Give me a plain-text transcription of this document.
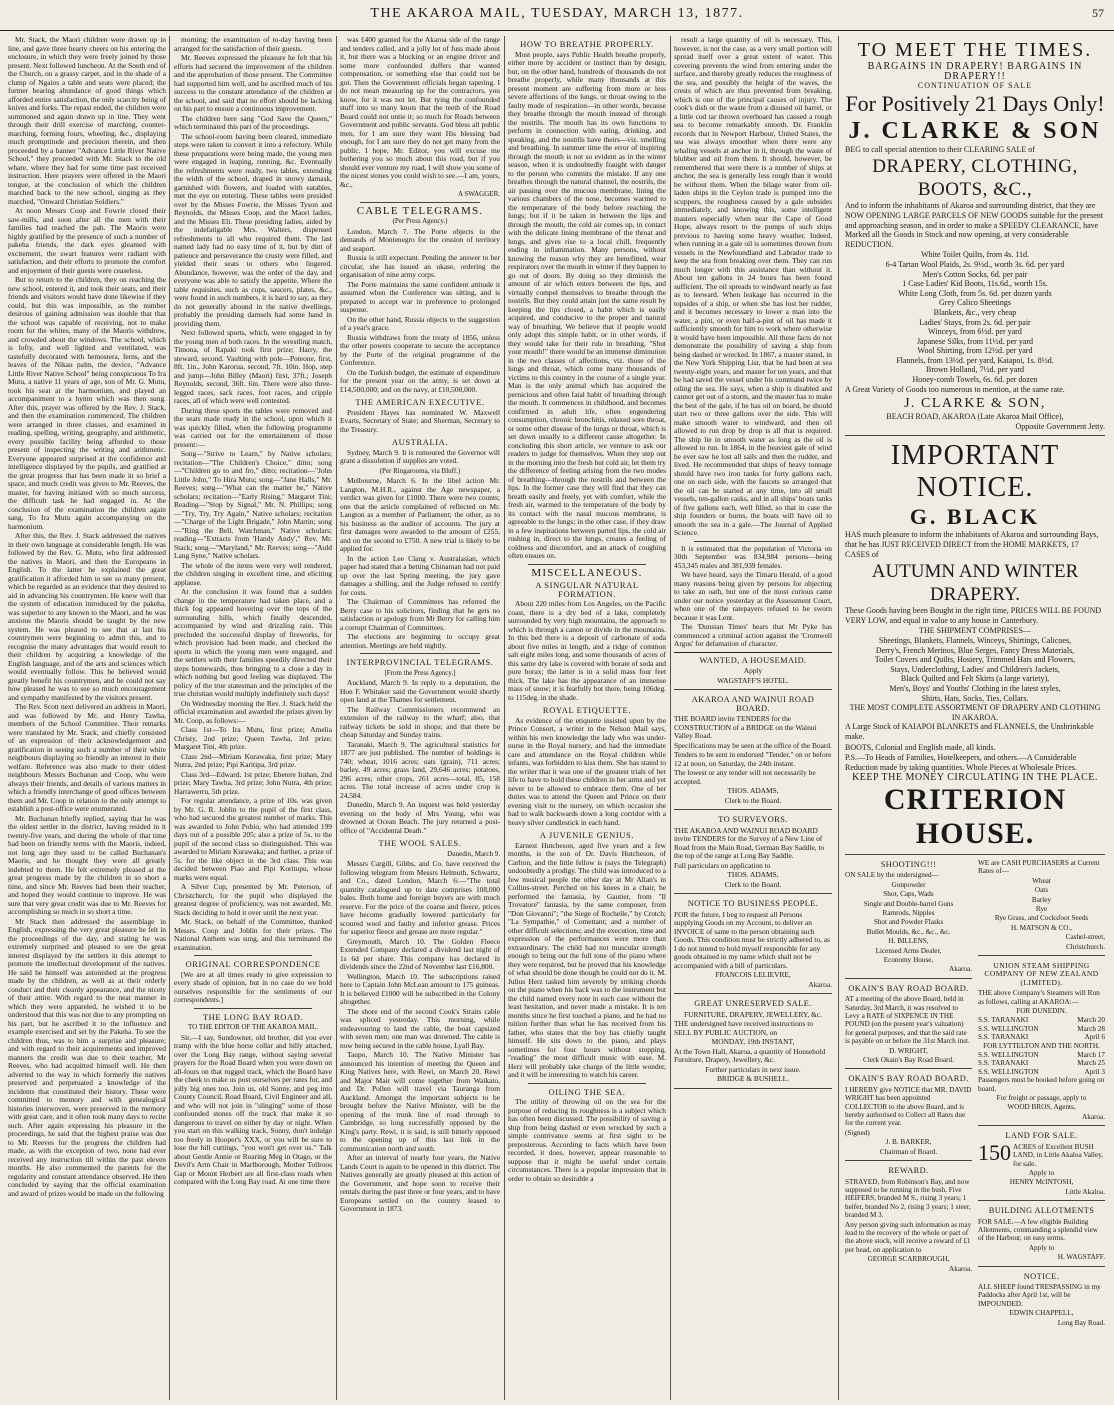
THE AKAROA MAIL, TUESDAY, MARCH 13, 1877.	57

Mr. Stack, the Maori children were drawn up in line, and gave three hearty cheers on his entering the enclosure, in which they were freely joined by those present. Next followed luncheon. At the South end of the Church, on a grassy carpet, and in the shade of a clump of Ngaios a table and seats were placed; the former bearing abundance of good things which afforded entire satisfaction, the only scarcity being of knives and forks. The repast ended, the children were summoned and again drawn up in line. They went through their drill exercise of marching, counter-marching, forming fours, wheeling, &c., displaying much promptitude and precision therein, and then proceeded by a banner "Advance Little River Native School," they proceeded with Mr. Stack to the old whare, where they had for some time past received instruction. Here prayers were offered in the Maori tongue, at the conclusion of which the children marched back to the new school, singing as they marched, "Onward Christian Soldiers."

At noon Messrs Coop and Fowrie closed their saw-mills, and soon after all the men with their families had reached the pah. The Maoris were highly gratified by the presence of such a number of pakeha friends, the dark eyes gleamed with excitement, the swart features were radiant with satisfaction, and their efforts to promote the comfort and enjoyment of their guests were ceaseless.

But to return to the children, they on reaching the new school, entered it, and took their seats, and their friends and visitors would have done likewise if they could, but this was impossible, as the number desirous of gaining admission was double that that the school was capable of receiving, not to make room for the whites, many of the Maoris withdrew, and crowded about the windows. The school, which is lofty, and well lighted and ventilated, was tastefully decorated with hemostera, ferns, and the leaves of the Nikau palm, the device, "Advance Little River Native School" being conspicuous To Ira Mutu, a native 11 years of age, son of Mr. G. Mutu, took his seat at the harmonium, and played an accompaniment to a hymn which was then sung. After this, prayer was offered by the Rev. J. Stack, and then the examination commenced. The children were arranged in three classes, and examined in reading, spelling, writing, geography, and arithmetic, every possible facility being afforded to those present of inspecting the writing and arithmetic. Everyone appeared surprised at the confidence and intelligence displayed by the pupils, and gratified at the great progress that has been made in so brief a space, and much credit was given to Mr. Reeves, the master, for having initiated with so much success, the difficult task he had engaged in. At the conclusion of the examination the children again sang, To Ira Mutu again accompanying on the harmonium.

After this, the Rev. J. Stack addressed the natives in their own language at considerable length. He was followed by the Rev. G. Mutu, who first addressed the natives in Maori, and then the Europeans in English. To the latter he explained the great gratification it afforded him to see so many present, which he regarded as an evidence that they desired to aid in advancing his countrymen. He knew well that the system of education introduced by the pakeha, was superior to any known to the Maori, and he was anxious the Maoris should be taught by the new system. He was pleased to see that at last his countrymen were beginning to admit this, and to recognise the many advantages that would result to their children by acquiring a knowledge of the English language, and of the arts and sciences which would eventually follow. This he believed would greatly benefit his countrymen, and he could not say how pleased he was to see so much encouragement and sympathy manifested by the visitors present.

The Rev. Scott next delivered an address in Maori, and was followed by Mr. and Henry Tawha, members of the School Committee. Their remarks were translated by Mr. Stack, and chiefly consisted of an expression of their acknowledgement and gratification in seeing such a number of their white neighbours displaying so friendly an interest in their welfare. Reference was also made to their oldest neighbours Messrs Buchanan and Coop, who were always their friends, and details of various matters in which a friendly interchange of good offices between them and Mr. Coop in relation to the only attempt to establish a post-office were enumerated.

Mr. Buchanan briefly replied, saying that he was the oldest settler in the district, having resided in it twenty-five years, and during the whole of that time had been on friendly terms with the Maoris, indeed, not long ago they used to be called Buchanan's Maoris, and he thought they were all greatly indebted to them. He felt extremely pleased at the great progress made by the children in so short a time, and since Mr. Reeves had been their teacher, and hoped they would continue to improve. He was sure that very great credit was due to Mr. Reeves for accomplishing so much in so short a time.

Mr Stack then addressed the assemblage in English, expressing the very great pleasure he felt in the proceedings of the day, and stating he was extremely surprised and pleased to see the great interest displayed by the settlers in this attempt to promote the intellectual development of the natives. He said he himself was astonished at the progress made by the children, as well as at their orderly conduct and their cleanly appearance, and the nicety of their attire. With regard to the neat manner in which they were appareled, he wished it to be understood that this was not due to any prompting on his part, but he ascribed it to the influence and example exercised and set by the Pakeha. To see the children thus, was to him a surprise and pleasure; and with regard to their acquirements and improved manners the credit was due to their teacher, Mr Reeves, who had acquitted himself well. He then adverted to the way in which formerly the natives preserved and perpetuated a knowledge of the incidents that constituted their history. These were committed to memory and with genealogical histories interwoven, were preserved in the memory with great care, and it often took many days to recite such. After again expressing his pleasure in the proceedings, he said that the highest praise was due to Mr. Reeves for the progress the children had made, as with the exception of two, none had ever received any instruction till within the past eleven months. He also commented the parents for the regularity and constant attendance observed. He then concluded by saying that the official examination and award of prizes would be made on the following

morning; the examination of to-day having been arranged for the satisfaction of their guests.

Mr. Reeves expressed the pleasure he felt that his efforts had secured the improvement of the children and the approbation of those present. The Committee had supported him well, and he ascribed much of his success to the constant attendance of the children at the school, and said that no effort should be lacking on his part to ensure a continuous improvement.

The children here sang "God Save the Queen," which terminated this part of the proceedings.

The school-room having been cleared, immediate steps were taken to convert it into a refectory. While these preparations were being made, the young men were engaged in leaping, running, &c. Eventually the refreshments were ready, two tables, extending the width of the school, draped in snowy damask, garnished with flowers, and loaded with eatables, met the eye on entering. These tables were presided over by the Misses Fowrie, the Misses Tyson and Reynolds, the Misses Coop, and the Maori ladies, and the Misses Eli. These presiding ladies, aided by the indefatigable Mrs. Walters, dispensed refreshments to all who required them. The last named lady had no easy time of it, but by dint of patience and perseverance the crusty were filled, and yielded their seats to others who lingered. Abundance, however, was the order of the day, and everyone was able to satisfy the appetite. Where the table requisites, such as cups, saucers, plates, &c., were found in such numbers, it is hard to say, as they do not generally abound in the native dwellings, probably the presiding damsels had some hand in providing them.

Next followed sports, which, were engaged in by the young men of both races. In the wrestling match, Timona, of Rapaki took first prize; Harry, the steward, second. Vaulting with pole—Poteone, first, 8ft. 1in., John Karorua, second, 7ft. 10in. Hop, step and jump—John Billey (Maori) first, 37ft.; Joseph Reynolds, second, 36ft. 6in. There were also three-legged races, sack races, foot races, and cripple races, all of which were well contested.

During these sports the tables were removed and the seats made ready in the school, upon which it was quickly filled, when the following programme was carried out for the entertainment of those present:—

Song—"Strive to Learn," by Native scholars; recitation—"The Children's Choice," ditto; song—"Children go to and fro," ditto; recitation—"John Little John," To Hira Mutu; song—"Jane Halls," Mr. Reeves; song—"What can the matter be," Native scholars; recitation—"Early Rising," Margaret Tini; Reading—"Stop by Signal," Mr. N. Phillips; song—"Try, Try, Try Again," Native scholars; recitation—"Charge of the Light Brigade," John Martin; song—"Ring the Bell, Watchman," Native scholars; reading—"Extracts from 'Handy Andy'," Rev. Mr. Stack; song—"Maryland," Mr. Reeves; song—"Auld Lang Syne," Native scholars.

The whole of the items were very well rendered, the children singing in excellent time, and eliciting applause.

At the conclusion it was found that a sudden change in the temperature had taken place, and a thick fog appeared hovering over the tops of the surrounding hills, which finally descended, accompanied by wind and drizzling rain. This precluded the successful display of fireworks, for which provision had been made, and checked the sports in which the young men were engaged, and the settlers with their families speedily directed their steps homewards, thus bringing to a close a day in which nothing but good feeling was displayed. The policy of the true statesman and the principles of the true christian would multiply indefinitely such days!

On Wednesday morning the Rev. J. Stack held the official examination and awarded the prizes given by Mr. Coop, as follows:—

Class 1st—To Ira Mutu, first prize; Amelia Christy, 2nd prize; Queen Tawha, 3rd prize; Margaret Tini, 4th prize.

Class 2nd—Miriam Kurawaka, first prize; Mary Nutra, 2nd prize; Pipi Karitipa, 3rd prize.

Class 3rd—Edward, 1st prize; Ebetere Irahan, 2nd prize; Mary Tawha, 3rd prize; John Nutra, 4th prize; Harrawerru, 5th prize.

For regular attendance, a prize of 10s. was given by Mr. G. R. Joblin to the pupil of the first class, who had secured the greatest number of marks. This was awarded to John Pobio, who had attended 199 days out of a possible 205; also a prize of 5s. to the pupil of the second class so distinguished. This was awarded to Miriam Kurawaka; and further, a prize of 5s. for the like object in the 3rd class. This was decided between Piao and Pipi Koritupu, whose marks were equal.

A Silver Cup, presented by Mr. Peterson, of Christchurch, for the pupil who displayed the greatest degree of proficiency, was not awarded, Mr. Stack deciding to hold it over until the next year.

Mr. Stack, on behalf of the Committee, thanked Messrs. Coop and Joblin for their prizes. The National Anthem was sung, and this terminated the examination.

ORIGINAL CORRESPONDENCE

[We are at all times ready to give expression to every shade of opinion, but in no case do we hold ourselves responsible for the sentiments of our correspondents.]

THE LONG BAY ROAD.
TO THE EDITOR OF THE AKAROA MAIL.

Sir,—I say, Sundowner, old brother, did you ever tramp with the blue horse collar and billy attached, over the Long Bay range, without saying several prayers for the Road Board when you were down on all-fours on that rugged track, which the Board have the cheek to make us post ourselves per rates for, and jolly big ones too. Join us, old Sonny, and peg into County Council, Road Board, Civil Engineer and all, and who will not join in "slinging" some of those confounded stones off the track that make it so dangerous to travel on either by day or night. When you start on this walking track, Sonny, don't indulge too freely in Hooper's XXX, or you will be sure to lose the hill cuttings, "you won't get over us." Talk about Gentle Annie or Roaring Meg in Otago, or the Devil's Arm Chair in Marlborough, Mother Tollroos Gap or Mount Herbert are all first-class roads when compared with the Long Bay road. At one time there

was £400 granted for the Akaroa side of the range and tenders called, and a jolly lot of fuss made about it, but there was a blocking or an engine driver and some more confounded duffers that wanted compensation, or something else that could not be got. Then the Government officials began tapering. I do not mean measuring up for the contractors, you know, for it was not let. But tying the confounded stuff into so many knots that the teeth of the Road Board could not untie it; so much for Roads between Government and public servants. God bless all public men, for I am sure they want His blessing bad enough, for I am sure they do not get many from the public. I hope, Mr. Editor, you will excuse me bothering you so much about this road, but if you should ever venture my road, I will show you some of the nicest stones you could wish to see.—I am, yours, &c.,

A SWAGGER.
CABLE TELEGRAMS.
(Per Press Agency.)

London, March 7. The Porte objects to the demands of Montenegro for the cession of territory and seaport.

Russia is still expectant. Pending the answer to her circular, she has issued an ukase, ordering the organisation of nine army corps.

The Porte maintains the same confident attitude it assumed when the Conference was sitting, and is prepared to accept war in preference to prolonged suspense.

On the other hand, Russia objects to the suggestion of a year's grace.

Russia withdraws from the treaty of 1856, unless the other powers cooperate to secure the acceptance by the Porte of the original programme of the Conference.

On the Turkish budget, the estimate of expenditure for the present year on the army, is set down at £14,500,000; and on the navy, at £10,500,000.

THE AMERICAN EXECUTIVE.

President Hayes has nominated W. Maxwell Evarts, Secretary of State; and Sherman, Secretary to the Treasury.

AUSTRALIA.

Sydney, March 9. It is rumoured the Governor will grant a dissolution if supplies are voted.

(Per Ringarooma, via Bluff.)

Melbourne, March 6. In the libel action Mr. Langton, M.H.R., against the Age newspaper, a verdict was given for £1000. There were two counts; one that the article complained of reflected on Mr. Langton as a member of Parliament; the other, as to his business as the auditor of accounts. The jury at first damages were awarded to the amount of £255, and on the second to £750. A new trial is likely to be applied for.

In the action Lee Clang v. Australasian, which paper had stated that a betting Chinaman had not paid up over the last Spring meeting, the jury gave damages a shilling, and the Judge refused to certify for costs.

The Chairman of Committees has referred the Berry case to his solicitors, finding that he gets no satisfaction or apology from Mr Berry for calling him a corrupt Chairman of Committees.

The elections are beginning to occupy great attention. Meetings are held nightly.

INTERPROVINCIAL TELEGRAMS.
[From the Press Agency.]

Auckland, March 9. In reply to a deputation, the Hon F. Whitaker said the Government would shortly open land at the Thames for settlement.

The Railway Commissioners recommend an extension of the railway to the wharf; also, that railway tickets be sold in shops; and that there be cheap Saturday and Sunday trains.

Taranaki, March 9. The agricultural statistics for 1877 are just published. The number of holdings is 740; wheat, 1016 acres; oats (grain), 711 acres; barley, 49 acres; grass land, 29,646 acres; potatoes, 296 acres; other crops, 261 acres—total, 85, 158 acres. The total increase of acres under crop is 24,584.

Dunedin, March 9. An inquest was held yesterday evening on the body of Mrs Young, who was drowned at Ocean Beach. The jury returned a post-office of "Accidental Death."

THE WOOL SALES.
Dunedin, March 9.

Messrs Cargill, Gibbs, and Co. have received the following telegram from Messrs Helmuth, Schwartz, and Co., dated London, March 6:—"The total quantity catalogued up to date comprises 108,000 bales. Both home and foreign buyers are with much reserve. For the price of the coarse and fleece, prices have become gradually lowered particularly for scoured wool and faulty and inferior grease. Prices for superior fleece and grease are more regular."

Greymouth, March 10. The Golden Fleece Extended Company declared a dividend last night of 1s 6d per share. This company has declared in dividends since the 22nd of November last £16,800.

Wellington, March 10. The subscriptions raised here to Captain John McLean amount to 175 guineas. It is believed £1000 will be subscribed in the Colony altogether.

The shore end of the second Cook's Straits cable was spliced yesterday. This morning, while endeavouring to land the cable, the boat capsized with seven men; one man was drowned. The cable is now being secured in the cable house, Lyall Bay.

Taupo, March 10. The Native Minister has announced his intention of meeting the Queen and King Natives here, with Rewi, on March 20. Rewi and Major Mair will come together from Waikato, and Dr. Pollen will travel via Tauranga from Auckland. Amongst the important subjects to be brought before the Native Minister, will be the opening of the trunk line of road through to Cambridge, so long successfully opposed by the King's party. Rewi, it is said, is still bitterly opposed to the opening up of this last link in the communication north and south.

After an interval of nearly four years, the Native Lands Court is again to be opened in this district. The Natives generally are greatly pleased at this action of the Government, and hope soon to receive their rentals during the past three or four years, and to have Europeans settled on the country leased to Government in 1873.

HOW TO BREATHE PROPERLY.

Most people, says Public Health breathe properly, either more by accident or instinct than by design, but, on the other hand, hundreds of thousands do not breathe properly, while many thousands at this present moment are suffering from more or less severe affections of the lungs, or throat owing to the faulty mode of respiration—in other words, because they breathe through the mouth instead of through the nostrils. The mouth has its own functions to perform in connection with eating, drinking, and speaking, and the nostrils have theirs—viz. smelling and breathing. In summer time the error of inspiring through the mouth is not so evident as in the winter season, when it is undoubtedly fraught with danger to the person who commits the mistake. If any one breathes through the natural channel, the nostrils, the air passing over the mucous membrane, lining the various chambers of the nose, becomes warmed to the temperature of the body before reaching the lungs; but if it be taken in between the lips and through the mouth, the cold air comes up, in contact with the delicate lining membrane of the throat and lungs, and gives rise to a local chill, frequently ending in inflammation. Many persons, without knowing the reason why they are benefitted, wear respirators over the mouth in winter if they happen to go out of doors. By doing so they diminish the amount of air which enters between the lips, and virtually compel themselves to breathe through the nostrils. But they could attain just the same result by keeping the lips closed, a habit which is easily acquired, and conducive to the proper and natural way of breathing. We believe that if people would only adopt this simple habit, or in other words, if they would take for their rule in breathing, "Shut your mouth!" there would be an immense diminution in the two classes of affections, viz. those of the lungs and throat, which come many thousands of victims to this country in the course of a single year. Man is the only animal which has acquired the pernicious and often fatal habit of breathing through the mouth. It commences in childhood, and becomes confirmed in adult life, often engendering consumption, chronic bronchitis, relaxed sore throat, or some other disease of the lungs or throat, which is set down usually to a different cause altogether. In concluding this short article, we venture to ask our readers to judge for themselves. When they step out in the morning into the fresh but cold air, let them try the difference of feeling arising from the two modes of breathing—through the nostrils and between the lips. In the former case they will find that they can breath easily and freely, yet with comfort, while the fresh air, warmed to the temperature of the body by its contact with the nasal mucous membrane, is agreeable to the lungs; in the other case, if they draw in a few inspirations between parted lips, the cold air rushing in, direct to the lungs, creates a feeling of coldness and discomfort, and an attack of coughing often ensues on.

MISCELLANEOUS.
A SINGULAR NATURAL FORMATION.

About 220 miles from Los Angeles, on the Pacific coast, there is a dry bed of a lake, completely surrounded by very high mountains, the approach to which is through a canon or divide in the mountains. In this bed there is a deposit of carbonate of soda about five miles in length, and a ridge of common salt eight miles long, and some thousands of acres of this same dry lake is covered with borate of soda and pure borax; the latter is in a solid mass four feet thick. The lake has the appearance of an immense mass of snow; it is fearfully hot there, being 106deg. to 115deg. in the shade.

ROYAL ETIQUETTE.

As evidence of the etiquette insisted upon by the Prince Consort, a writer in the Nelson Mail says, within his own knowledge the lady who was under-nurse in the Royal nursery, and had the immediate care and attendance on the Royal children while infants, was forbidden to kiss them. She has stated to the writer that it was one of the greatest trials of her life to have to hold these children in her arms and yet never to be allowed to embrace them. One of her duties was to attend the Queen and Prince on their evening visit to the nursery, on which occasion she had to walk backwards down a long corridor with a heavy silver candlestick in each hand.

A JUVENILE GENIUS.

Earnest Hutcheson, aged five years and a few months, is the son of Dr. Davis Hutcheson, of Carlton, and the little fellow is (says the Telegraph) undoubtedly a prodigy. The child was introduced to a few musical people the other day at Mr Allan's in Collins-street. Perched on his knees in a chair, he performed the fantasia, by Gautier, from "Il Trovatore" fantasia, by the same composer, from "Don Giovanni"; "the Siege of Rochelle," by Crotch; "La Sympathie," of Comettant; and a number of other difficult selections; and the execution, time and expression of the performances were more than extraordinary. The child had not muscular strength enough to bring out the full tone of the piano where they were required, but he proved that his knowledge of what should be done though he could not do it. M. Julius Herz tasked him severely by striking chords on the piano when his back was to the instrument but the child named every note in each case without the least hesitation, and never made a mistake. It is ten months since he first touched a piano, and he had no tuition further than what he has received from his father, who states that the boy has chiefly taught himself. He sits down to the piano, and plays sometimes for four hours without stopping, "reading" the most difficult music with ease. M. Herz will probably take charge of the little wonder, and it will be interesting to watch his career.

OILING THE SEA.

The utility of throwing oil on the sea for the purpose of reducing its roughness is a subject which has often been discussed. The possibility of saving a ship from being dashed or even wrecked by such a simple contrivance seems at first sight to be preposterous. According to facts which have been recorded, it does, however, appear reasonable to suppose that it might be useful under certain circumstances. There is a popular impression that in order to obtain so desirable a

result a large quantity of oil is necessary. This, however, is not the case, as a very small portion will spread itself over a great extent of water. This covering prevents the wind from entering under the surface, and thereby greatly reduces the roughness of the sea, and possibly the height of the waves, the crests of which are thus prevented from breaking, which is one of the principal causes of injury. The cook's dish or the waste from a disused oil barrel, or a little cod tar thrown overboard has caused a rough sea to become remarkably smooth. Dr. Franklin records that in Newport Harbour, United States, the sea was always smoother when there were any whaling vessels at anchor in it, through the waste of blubber and oil from them. It should, however, be remembered that were there is a number of ships at anchor, the sea is generally less rough than it would be without them. When the bilage water from oil-laden ships in the Ceylon trade is pumped into the scuppers, the roughness caused by a gale subsides immediately, and knowing this, some intelligent masters especially when near the Cape of Good Hope, always resort to the pumps of such ships previous to having some heavy weather. Indeed, when running in a gale oil is sometimes thrown from vessels in the Newfoundland and Labrador trade to keep the sea from breaking over them. They can run much longer with this assistance than without it. About ten gallons in 24 hours has been found sufficient. The oil spreads to windward nearly as fast as to leeward. When leakage has occurred in the topsides of a ship, or when she has lost her rudder, and it becomes necessary to lower a man into the water, a pint, or even half-a-pint of oil has made it sufficiently smooth for him to work where otherwise it would have been impossible. All these facts do not demonstrate the possibility of saving a ship from being dashed or wrecked. In 1867, a master stated, in the New York Shipping List, that he had been at sea twenty-eight years, and master for ten years, and that he had saved the vessel under his command twice by oiling the sea. He says, when a ship is disabled and cannot get out of a storm, and the master has to make the best of the gale, if he has oil on board, he should start two or three gallons over the side. This will make smooth water to windward, and then oil allowed to run drop by drop is all that is required. The ship lie in smooth water as long as the oil is allowed to run. In 1864, in the heaviest gale of wind he ever saw he lost all sails and then the rudder, and lived. He recommended that ships of heavy tonnage should have two iron tanks for forty gallons each, one on each side, with the faucets so arranged that the oil can be started at any time, into all small vessels, ten-gallon casks, and in all ships' boats tanks of five gallons each, well filled, so that in case the ship founders or burns, the boats will have oil to smooth the sea in a gale.—The Journal of Applied Science.

It is estimated that the population of Victoria on 30th September was 834,984 persons—being 453,345 males and 381,939 females.

We have heard, says the Timaru Herald, of a good many reasons being given by persons for objecting to take an oath, but one of the most curious came under our notice yesterday at the Assessment Court, when one of the ratepayers refused to be sworn because it was Lent.

The 'Dunstan Times' hears that Mr Pyke has commenced a criminal action against the 'Cromwell Argus' for defamation of character.

WANTED, A HOUSEMAID.

Apply

WAGSTAFF'S HOTEL.

AKAROA AND WAINUI ROAD BOARD.

THE BOARD invite TENDERS for the CONSTRUCTION of a BRIDGE on the Wainui Valley Road.

Specifications may be seen at the office of the Board.

Tenders to be sent in endorsed "Tender," on or before 12 at noon, on Saturday, the 24th instant.

The lowest or any tender will not necessarily be accepted.

THOS. ADAMS,

Clerk to the Board.

TO SURVEYORS.

THE AKAROA AND WAINUI ROAD BOARD invite TENDERS for the Survey of a New Line of Road from the Main Road, German Bay Saddle, to the top of the range at Long Bay Saddle.

Full particulars on application to

THOS. ADAMS,

Clerk to the Board.

NOTICE TO BUSINESS PEOPLE.

FOR the future, I beg to request all Persons supplying Goods on my Account, to deliver an INVOICE of same to the person obtaining such Goods. This condition must be strictly adhered to, as I do not intend to hold myself responsible for any goods obtained in my name which shall not be accompanied with a bill of particulars.

FRANCOIS LELIEVRE,

Akaroa.

GREAT UNRESERVED SALE.

FURNITURE, DRAPERY, JEWELLERY, &c.

THE undersigned have received instructions to SELL BY PUBLIC AUCTION, on

MONDAY, 19th INSTANT,

At the Town Hall, Akaroa, a quantity of Household Furniture, Drapery, Jewellery, &c.

Further particulars in next issue.

BRIDGE & BUSHELL.

TO MEET THE TIMES.
BARGAINS IN DRAPERY! BARGAINS IN DRAPERY!!
CONTINUATION OF SALE
For Positively 21 Days Only!
J. CLARKE & SON

BEG to call special attention to their CLEARING SALE of

DRAPERY, CLOTHING, BOOTS, &C.,

And to inform the inhabitants of Akaroa and surrounding district, that they are NOW OPENING LARGE PARCELS OF NEW GOODS suitable for the present and approaching season, and in order to make a SPEEDY CLEARANCE, have Marked all the Goods in Stock and now opening, at very considerable REDUCTION.

White Toilet Quilts, from 4s. 11d.

6-4 Tartan Wool Plaids, 2s. 9½d., worth 3s. 6d. per yard

Men's Cotton Socks, 6d. per pair

1 Case Ladies' Kid Boots, 11s.6d., worth 15s.

White Long Cloth, from 5s. 6d. per dozen yards

Grey Calico Sheetings

Blankets, &c., very cheap

Ladies' Stays, from 2s. 6d. per pair

Winceys, from 6½d. per yard

Japanese Silks, from 11½d. per yard

Wool Shirting, from 12½d. per yard

Flannels, from 13½d. per yard, Kaiapoi, 1s. 8½d.

Brown Holland, 7½d. per yard

Honey-comb Towels, 6s. 6d. per dozen

A Great Variety of Goods too numerous to mention, at the same rate.

J. CLARKE & SON,
BEACH ROAD, AKAROA (Late Akaroa Mail Office),

Opposite Government Jetty.

IMPORTANT NOTICE.
G. BLACK

HAS much pleasure to inform the inhabitants of Akaroa and surrounding Bays, that he has JUST RECEIVED DIRECT from the HOME MARKETS, 17 CASES of

AUTUMN AND WINTER DRAPERY.

These Goods having been Bought in the right time, PRICES WILL BE FOUND VERY LOW, and equal in value to any house in Canterbury.

THE SHIPMENT COMPRISES—

Sheetings, Blankets, Flannels, Winceys, Shirtings, Calicoes,

Derry's, French Merinos, Blue Serges, Fancy Dress Materials,

Toilet Covers and Quilts, Hosiery, Trimmed Hats and Flowers,

Stays, Underclothing, Ladies' and Children's Jackets,

Black Quilted and Felt Skirts (a large variety),

Men's, Boys' and Youths' Clothing in the latest styles,

Shirts, Hats, Socks, Ties, Collars.

THE MOST COMPLETE ASSORTMENT OF DRAPERY AND CLOTHING IN AKAROA.

A Large Stock of KAIAPOI BLANKETS and FLANNELS, the Unshrinkable make.

BOOTS, Colonial and English made, all kinds.

P.S.—To Heads of Families, Hotelkeepers, and others.—A Considerable Reduction made by taking quantities. Whole Pieces at Wholesale Prices.

KEEP THE MONEY CIRCULATING IN THE PLACE.
CRITERION HOUSE.
SHOOTING!!!

ON SALE by the undersigned—

Gunpowder

Shot, Caps, Wads

Single and Double-barrel Guns

Ramrods, Nipples

Shot and Powder Flasks

Bullet Moulds, &c., &c., &c.

H. BILLENS,

Licensed Arms Dealer,

Economy House,

Akaroa.

OKAIN'S BAY ROAD BOARD.

AT a meeting of the above Board, held in Saturday, 3rd March, it was resolved to Levy a RATE of SIXPENCE IN THE POUND (on the present year's valuation) for general purposes, and that the said rate is payable on or before the 31st March inst.

D. WRIGHT,

Clerk Okain's Bay Road Board.

OKAIN'S BAY ROAD BOARD.

I HEREBY give NOTICE that MR. DAVID WRIGHT has been appointed COLLECTOR to the above Board, and is hereby authorised to Collect all Rates due for the current year.

(Signed)

J. B. BARKER,

Chairman of Board.

REWARD.

STRAYED, from Robinson's Bay, and now supposed to be running in the bush, Five HEIFERS, branded M S., rising 3 years; 1 heifer, branded No 2, rising 3 years; 1 steer, branded M 3.

Any person giving such information as may lead to the recovery of the whole or part of the above stock, will receive a reward of £1 per head, on application to

GEORGE SCARBROUGH,

Akaroa.

WE are CASH PURCHASERS at Current Rates of—

Wheat

Oats

Barley

Rye

Rye Grass, and Cocksfoot Seeds

H. MATSON & CO.,

Cashel-street,

Christchurch.

UNION STEAM SHIPPING COMPANY OF NEW ZEALAND (LIMITED).

THE above Company's Steamers will Run as follows, calling at AKAROA:—

FOR DUNEDIN.

S.S. TARANAKI	March 20
S.S. WELLINGTON	March 28
S.S. TARANAKI	April 6

FOR LYTTELTON AND THE NORTH.

S.S. WELLINGTON	March 17
S.S. TARANAKI	March 25
S.S. WELLINGTON	April 3

Passengers must be booked before going on board.

For freight or passage, apply to

WOOD BROS, Agents,

Akaroa.

LAND FOR SALE.
150 ACRES of Excellent BUSH LAND, in Little Akaloa Valley, for sale.

Apply to

HENRY McINTOSH,

Little Akaloa.

BUILDING ALLOTMENTS

FOR SALE.—A few eligible Building Allotments, commanding a splendid view of the Harbour, on easy terms.

Apply to

H. WAGSTAFF.

NOTICE.

ALL SHEEP found TRESPASSING in my Paddocks after April 1st, will be IMPOUNDED.

EDWIN CHAPPELL,

Long Bay Road.
